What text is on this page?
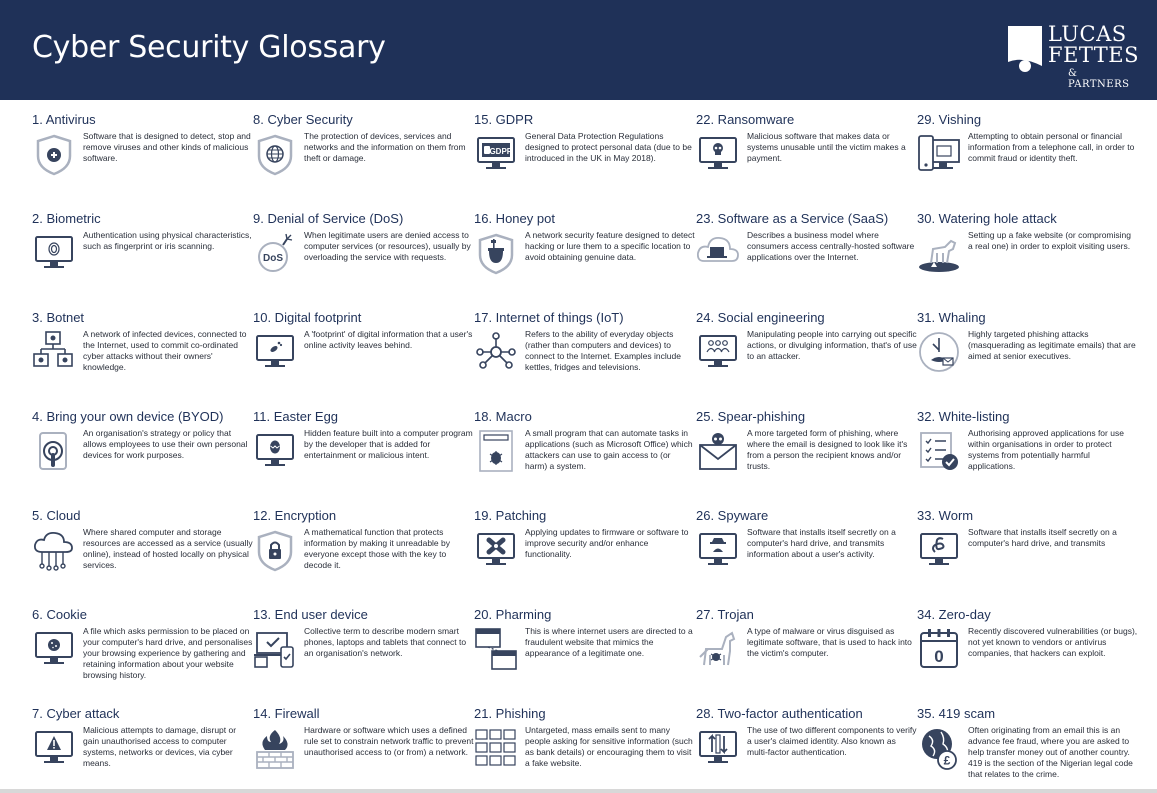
Cyber Security Glossary	LUCAS
FETTES
& PARTNERS
1. Antivirus
Software that is designed to detect, stop and remove viruses and other kinds of malicious software.
2. Biometric
Authentication using physical characteristics, such as fingerprint or iris scanning.
3. Botnet
A network of infected devices, connected to the Internet, used to commit co-ordinated cyber attacks without their owners' knowledge.
4. Bring your own device (BYOD)
An organisation's strategy or policy that allows employees to use their own personal devices for work purposes.
5. Cloud
Where shared computer and storage resources are accessed as a service (usually online), instead of hosted locally on physical services.
6. Cookie
A file which asks permission to be placed on your computer's hard drive, and personalises your browsing experience by gathering and retaining information about your website browsing history.
7. Cyber attack
Malicious attempts to damage, disrupt or gain unauthorised access to computer systems, networks or devices, via cyber means.
8. Cyber Security
The protection of devices, services and networks and the information on them from theft or damage.
9. Denial of Service (DoS)
DoS
When legitimate users are denied access to computer services (or resources), usually by overloading the service with requests.
10. Digital footprint
A 'footprint' of digital information that a user's online activity leaves behind.
11. Easter Egg
Hidden feature built into a computer program by the developer that is added for entertainment or malicious intent.
12. Encryption
A mathematical function that protects information by making it unreadable by everyone except those with the key to decode it.
13. End user device
Collective term to describe modern smart phones, laptops and tablets that connect to an organisation's network.
14. Firewall
Hardware or software which uses a defined rule set to constrain network traffic to prevent unauthorised access to (or from) a network.
15. GDPR
GDPR
General Data Protection Regulations designed to protect personal data (due to be introduced in the UK in May 2018).
16. Honey pot
A network security feature designed to detect hacking or lure them to a specific location to avoid obtaining genuine data.
17. Internet of things (IoT)
Refers to the ability of everyday objects (rather than computers and devices) to connect to the Internet. Examples include kettles, fridges and televisions.
18. Macro
A small program that can automate tasks in applications (such as Microsoft Office) which attackers can use to gain access to (or harm) a system.
19. Patching
Applying updates to firmware or software to improve security and/or enhance functionality.
20. Pharming
This is where internet users are directed to a fraudulent website that mimics the appearance of a legitimate one.
21. Phishing
Untargeted, mass emails sent to many people asking for sensitive information (such as bank details) or encouraging them to visit a fake website.
22. Ransomware
Malicious software that makes data or systems unusable until the victim makes a payment.
23. Software as a Service (SaaS)
Describes a business model where consumers access centrally-hosted software applications over the Internet.
24. Social engineering
Manipulating people into carrying out specific actions, or divulging information, that's of use to an attacker.
25. Spear-phishing
A more targeted form of phishing, where where the email is designed to look like it's from a person the recipient knows and/or trusts.
26. Spyware
Software that installs itself secretly on a computer's hard drive, and transmits information about a user's activity.
27. Trojan
A type of malware or virus disguised as legitimate software, that is used to hack into the victim's computer.
28. Two-factor authentication
The use of two different components to verify a user's claimed identity. Also known as multi-factor authentication.
29. Vishing
Attempting to obtain personal or financial information from a telephone call, in order to commit fraud or identity theft.
30. Watering hole attack
Setting up a fake website (or compromising a real one) in order to exploit visiting users.
31. Whaling
Highly targeted phishing attacks (masquerading as legitimate emails) that are aimed at senior executives.
32. White-listing
Authorising approved applications for use within organisations in order to protect systems from potentially harmful applications.
33. Worm
Software that installs itself secretly on a computer's hard drive, and transmits
34. Zero-day
0
Recently discovered vulnerabilities (or bugs), not yet known to vendors or antivirus companies, that hackers can exploit.
35. 419 scam
£
Often originating from an email this is an advance fee fraud, where you are asked to help transfer money out of another country. 419 is the section of the Nigerian legal code that relates to the crime.
